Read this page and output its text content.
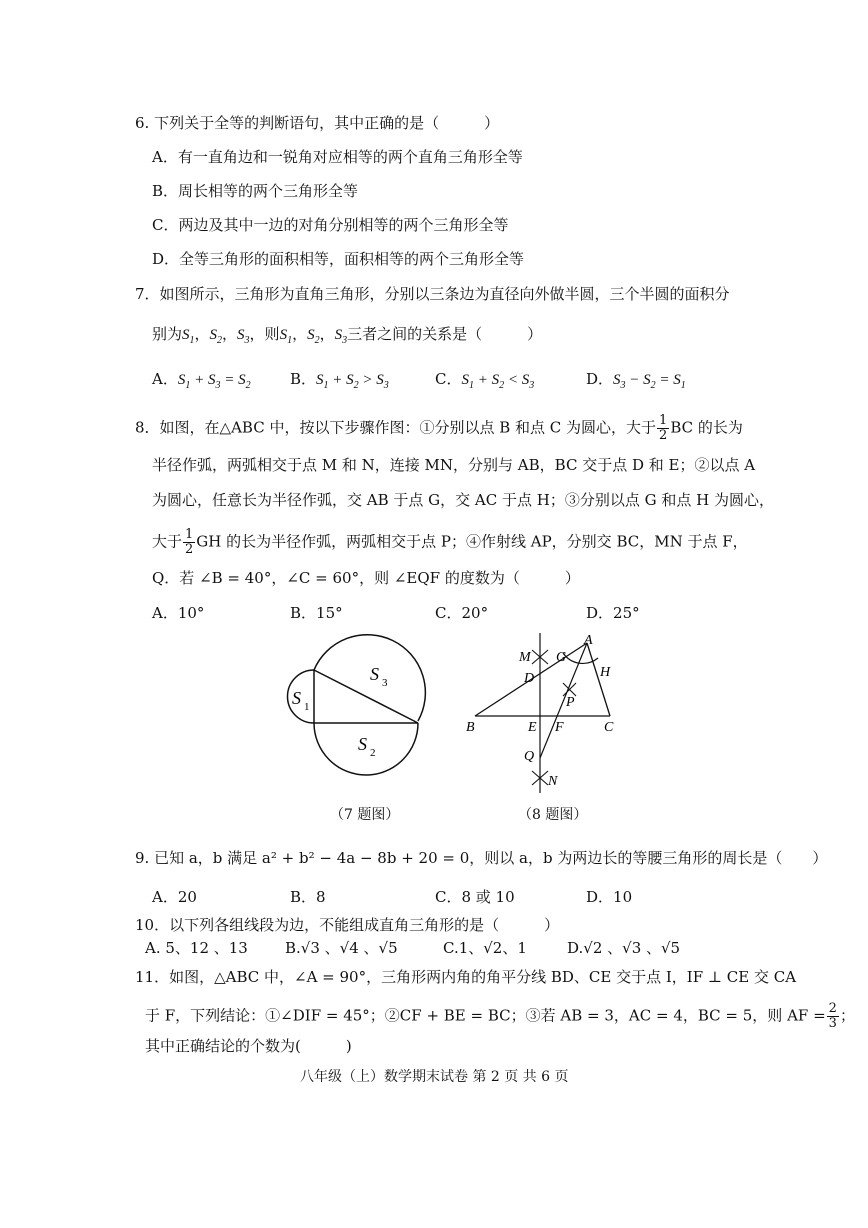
6. 下列关于全等的判断语句，其中正确的是（　　　）
A．有一直角边和一锐角对应相等的两个直角三角形全等
B．周长相等的两个三角形全等
C．两边及其中一边的对角分别相等的两个三角形全等
D．全等三角形的面积相等，面积相等的两个三角形全等
7．如图所示，三角形为直角三角形，分别以三条边为直径向外做半圆，三个半圆的面积分
别为$S_1$，$S_2$，$S_3$，则$S_1$，$S_2$，$S_3$三者之间的关系是（　　　）
A．$S_1 + S_3 = S_2$	B．$S_1 + S_2 > S_3$	C．$S_1 + S_2 < S_3$	D．$S_3 - S_2 = S_1$
8．如图，在△ABC 中，按以下步骤作图：①分别以点 B 和点 C 为圆心，大于 $\frac{1}{2}$ BC 的长为
半径作弧，两弧相交于点 M 和 N，连接 MN，分别与 AB，BC 交于点 D 和 E；②以点 A
为圆心，任意长为半径作弧，交 AB 于点 G，交 AC 于点 H；③分别以点 G 和点 H 为圆心，
大于 $\frac{1}{2}$ GH 的长为半径作弧，两弧相交于点 P；④作射线 AP，分别交 BC，MN 于点 F，
Q．若 ∠B = 40°，∠C = 60°，则 ∠EQF 的度数为（　　　）
A．10°	B．15°	C．20°	D．25°
S 1
S 3
S 2
（7 题图）
M G
A
H
D
P
B	E F	C
Q
N
（8 题图）
9. 已知 a，b 满足 a² + b² − 4a − 8b + 20 = 0，则以 a，b 为两边长的等腰三角形的周长是（　　）
A．20	B．8	C．8 或 10	D．10
10．以下列各组线段为边，不能组成直角三角形的是（　　　）
A. 5、12 、13 B.√3 、√4 、√5	C.1、√2、1	D.√2 、√3 、√5
11．如图，△ABC 中，∠A = 90°，三角形两内角的角平分线 BD、CE 交于点 I，IF ⊥ CE 交 CA
于 F，下列结论：①∠DIF = 45°；②CF + BE = BC；③若 AB = 3，AC = 4，BC = 5，则 AF = $\frac{2}{3}$ ；
其中正确结论的个数为(　　　)
八年级（上）数学期末试卷 第 2 页 共 6 页
